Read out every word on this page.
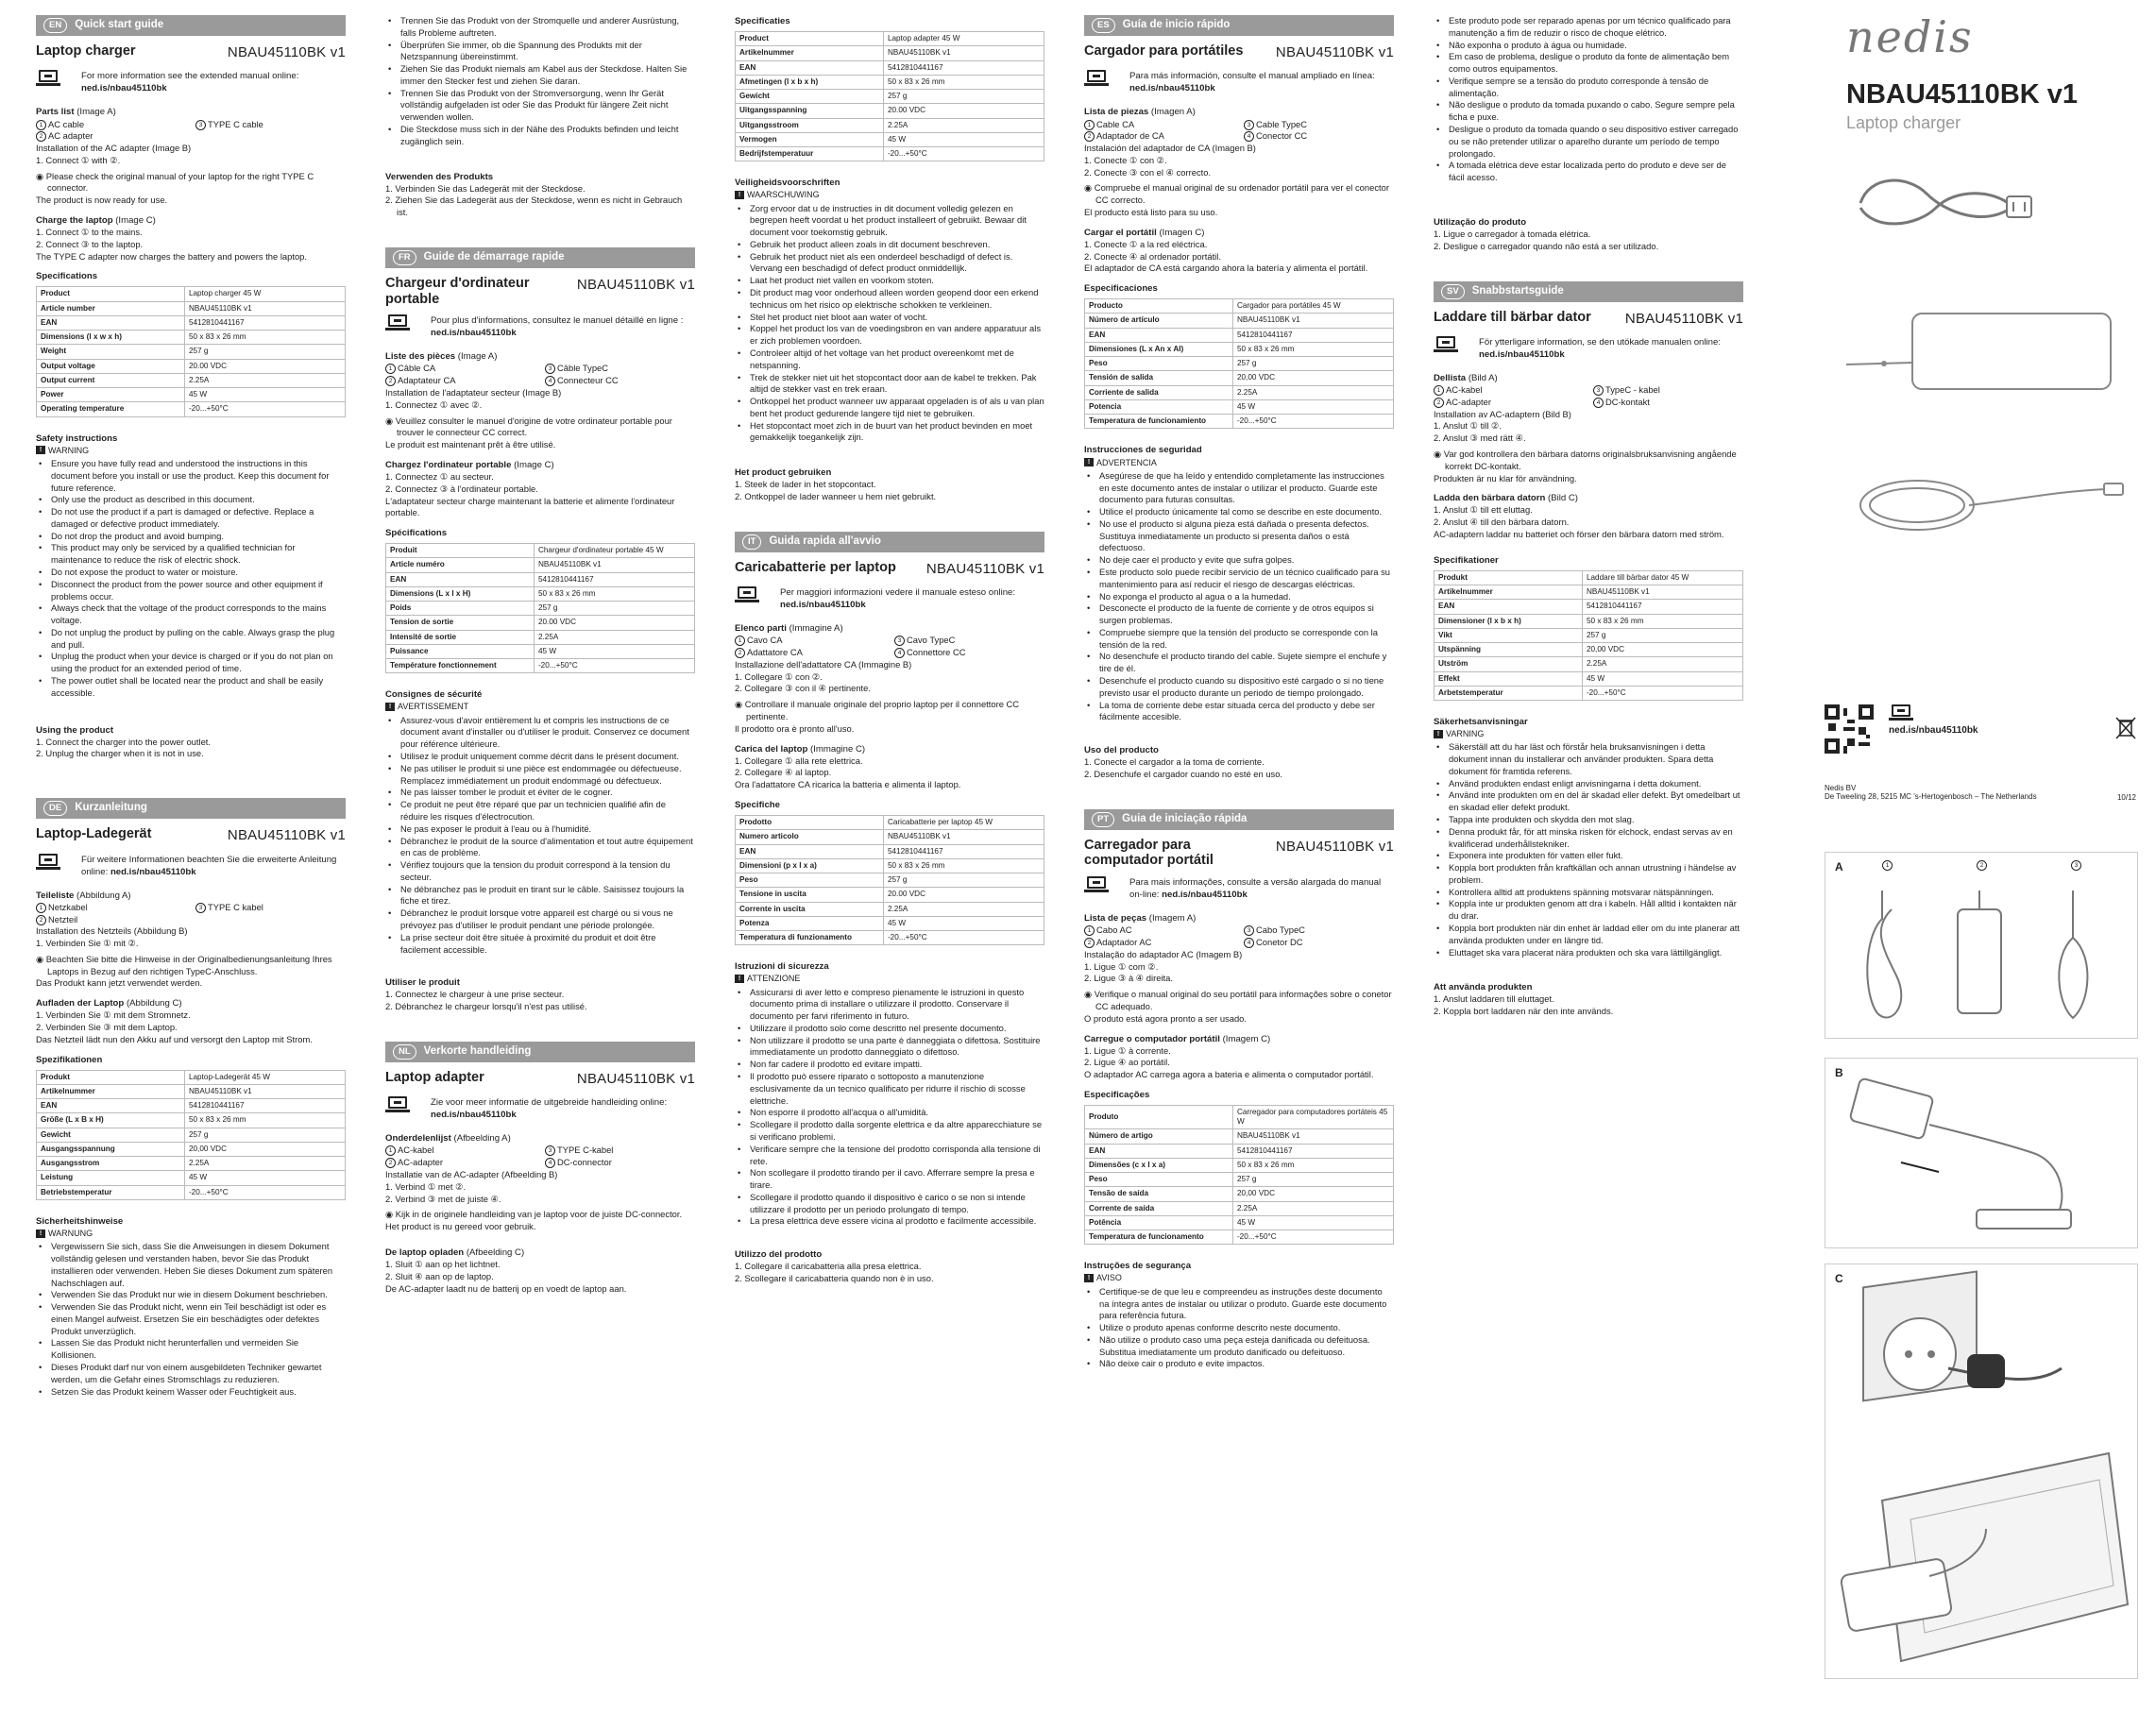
EN	Quick start guide
Laptop charger	NBAU45110BK v1
For more information see the extended manual online: ned.is/nbau45110bk
Parts list (Image A)
1 AC cable	3 TYPE C cable
2 AC adapter
Installation of the AC adapter (Image B)
1. Connect ① with ②.
◉ Please check the original manual of your laptop for the right TYPE C connector.
The product is now ready for use.
Charge the laptop (Image C)
1. Connect ① to the mains.
2. Connect ③ to the laptop.
The TYPE C adapter now charges the battery and powers the laptop.
Specifications
Product	Laptop charger 45 W
Article number	NBAU45110BK v1
EAN	5412810441167
Dimensions (l x w x h)	50 x 83 x 26 mm
Weight	257 g
Output voltage	20.00 VDC
Output current	2.25A
Power	45 W
Operating temperature	-20...+50°C
Safety instructions
! WARNING
• Ensure you have fully read and understood the instructions in this document before you install or use the product. Keep this document for future reference.
• Only use the product as described in this document.
• Do not use the product if a part is damaged or defective. Replace a damaged or defective product immediately.
• Do not drop the product and avoid bumping.
• This product may only be serviced by a qualified technician for maintenance to reduce the risk of electric shock.
• Do not expose the product to water or moisture.
• Disconnect the product from the power source and other equipment if problems occur.
• Always check that the voltage of the product corresponds to the mains voltage.
• Do not unplug the product by pulling on the cable. Always grasp the plug and pull.
• Unplug the product when your device is charged or if you do not plan on using the product for an extended period of time.
• The power outlet shall be located near the product and shall be easily accessible.
Using the product
1. Connect the charger into the power outlet.
2. Unplug the charger when it is not in use.
DE	Kurzanleitung
Laptop-Ladegerät	NBAU45110BK v1
Für weitere Informationen beachten Sie die erweiterte Anleitung online: ned.is/nbau45110bk
Teileliste (Abbildung A)
1 Netzkabel	3 TYPE C kabel
2 Netzteil
Installation des Netzteils (Abbildung B)
1. Verbinden Sie ① mit ②.
◉ Beachten Sie bitte die Hinweise in der Originalbedienungsanleitung Ihres Laptops in Bezug auf den richtigen TypeC-Anschluss.
Das Produkt kann jetzt verwendet werden.
Aufladen der Laptop (Abbildung C)
1. Verbinden Sie ① mit dem Stromnetz.
2. Verbinden Sie ③ mit dem Laptop.
Das Netzteil lädt nun den Akku auf und versorgt den Laptop mit Strom.
Spezifikationen
Produkt	Laptop-Ladegerät 45 W
Artikelnummer	NBAU45110BK v1
EAN	5412810441167
Größe (L x B x H)	50 x 83 x 26 mm
Gewicht	257 g
Ausgangsspannung	20,00 VDC
Ausgangsstrom	2.25A
Leistung	45 W
Betriebstemperatur	-20...+50°C
Sicherheitshinweise
! WARNUNG
• Vergewissern Sie sich, dass Sie die Anweisungen in diesem Dokument vollständig gelesen und verstanden haben, bevor Sie das Produkt installieren oder verwenden. Heben Sie dieses Dokument zum späteren Nachschlagen auf.
• Verwenden Sie das Produkt nur wie in diesem Dokument beschrieben.
• Verwenden Sie das Produkt nicht, wenn ein Teil beschädigt ist oder es einen Mangel aufweist. Ersetzen Sie ein beschädigtes oder defektes Produkt unverzüglich.
• Lassen Sie das Produkt nicht herunterfallen und vermeiden Sie Kollisionen.
• Dieses Produkt darf nur von einem ausgebildeten Techniker gewartet werden, um die Gefahr eines Stromschlags zu reduzieren.
• Setzen Sie das Produkt keinem Wasser oder Feuchtigkeit aus.
• Trennen Sie das Produkt von der Stromquelle und anderer Ausrüstung, falls Probleme auftreten.
• Überprüfen Sie immer, ob die Spannung des Produkts mit der Netzspannung übereinstimmt.
• Ziehen Sie das Produkt niemals am Kabel aus der Steckdose. Halten Sie immer den Stecker fest und ziehen Sie daran.
• Trennen Sie das Produkt von der Stromversorgung, wenn Ihr Gerät vollständig aufgeladen ist oder Sie das Produkt für längere Zeit nicht verwenden wollen.
• Die Steckdose muss sich in der Nähe des Produkts befinden und leicht zugänglich sein.
Verwenden des Produkts
1. Verbinden Sie das Ladegerät mit der Steckdose.
2. Ziehen Sie das Ladegerät aus der Steckdose, wenn es nicht in Gebrauch ist.
FR	Guide de démarrage rapide
Chargeur d'ordinateur portable
NBAU45110BK v1
Pour plus d'informations, consultez le manuel détaillé en ligne : ned.is/nbau45110bk
Liste des pièces (Image A)
1 Câble CA	3 Câble TypeC
2 Adaptateur CA	4 Connecteur CC
Installation de l'adaptateur secteur (Image B)
1. Connectez ① avec ②.
◉ Veuillez consulter le manuel d'origine de votre ordinateur portable pour trouver le connecteur CC correct.
Le produit est maintenant prêt à être utilisé.
Chargez l'ordinateur portable (Image C)
1. Connectez ① au secteur.
2. Connectez ③ à l'ordinateur portable.
L'adaptateur secteur charge maintenant la batterie et alimente l'ordinateur portable.
Spécifications
Produit	Chargeur d'ordinateur portable 45 W
Article numéro	NBAU45110BK v1
EAN	5412810441167
Dimensions (L x l x H)	50 x 83 x 26 mm
Poids	257 g
Tension de sortie	20.00 VDC
Intensité de sortie	2.25A
Puissance	45 W
Température fonctionnement	-20...+50°C
Consignes de sécurité
! AVERTISSEMENT
• Assurez-vous d'avoir entièrement lu et compris les instructions de ce document avant d'installer ou d'utiliser le produit. Conservez ce document pour référence ultérieure.
• Utilisez le produit uniquement comme décrit dans le présent document.
• Ne pas utiliser le produit si une pièce est endommagée ou défectueuse. Remplacez immédiatement un produit endommagé ou défectueux.
• Ne pas laisser tomber le produit et éviter de le cogner.
• Ce produit ne peut être réparé que par un technicien qualifié afin de réduire les risques d'électrocution.
• Ne pas exposer le produit à l'eau ou à l'humidité.
• Débranchez le produit de la source d'alimentation et tout autre équipement en cas de problème.
• Vérifiez toujours que la tension du produit correspond à la tension du secteur.
• Ne débranchez pas le produit en tirant sur le câble. Saisissez toujours la fiche et tirez.
• Débranchez le produit lorsque votre appareil est chargé ou si vous ne prévoyez pas d'utiliser le produit pendant une période prolongée.
• La prise secteur doit être située à proximité du produit et doit être facilement accessible.
Utiliser le produit
1. Connectez le chargeur à une prise secteur.
2. Débranchez le chargeur lorsqu'il n'est pas utilisé.
NL	Verkorte handleiding
Laptop adapter	NBAU45110BK v1
Zie voor meer informatie de uitgebreide handleiding online: ned.is/nbau45110bk
Onderdelenlijst (Afbeelding A)
1 AC-kabel	3 TYPE C-kabel
2 AC-adapter	4 DC-connector
Installatie van de AC-adapter (Afbeelding B)
1. Verbind ① met ②.
2. Verbind ③ met de juiste ④.
◉ Kijk in de originele handleiding van je laptop voor de juiste DC-connector.
Het product is nu gereed voor gebruik.
De laptop opladen (Afbeelding C)
1. Sluit ① aan op het lichtnet.
2. Sluit ④ aan op de laptop.
De AC-adapter laadt nu de batterij op en voedt de laptop aan.
Specificaties
Product	Laptop adapter 45 W
Artikelnummer	NBAU45110BK v1
EAN	5412810441167
Afmetingen (l x b x h)	50 x 83 x 26 mm
Gewicht	257 g
Uitgangsspanning	20.00 VDC
Uitgangsstroom	2.25A
Vermogen	45 W
Bedrijfstemperatuur	-20...+50°C
Veiligheidsvoorschriften
! WAARSCHUWING
• Zorg ervoor dat u de instructies in dit document volledig gelezen en begrepen heeft voordat u het product installeert of gebruikt. Bewaar dit document voor toekomstig gebruik.
• Gebruik het product alleen zoals in dit document beschreven.
• Gebruik het product niet als een onderdeel beschadigd of defect is. Vervang een beschadigd of defect product onmiddellijk.
• Laat het product niet vallen en voorkom stoten.
• Dit product mag voor onderhoud alleen worden geopend door een erkend technicus om het risico op elektrische schokken te verkleinen.
• Stel het product niet bloot aan water of vocht.
• Koppel het product los van de voedingsbron en van andere apparatuur als er zich problemen voordoen.
• Controleer altijd of het voltage van het product overeenkomt met de netspanning.
• Trek de stekker niet uit het stopcontact door aan de kabel te trekken. Pak altijd de stekker vast en trek eraan.
• Ontkoppel het product wanneer uw apparaat opgeladen is of als u van plan bent het product gedurende langere tijd niet te gebruiken.
• Het stopcontact moet zich in de buurt van het product bevinden en moet gemakkelijk toegankelijk zijn.
Het product gebruiken
1. Steek de lader in het stopcontact.
2. Ontkoppel de lader wanneer u hem niet gebruikt.
IT	Guida rapida all'avvio
Caricabatterie per laptop NBAU45110BK v1
Per maggiori informazioni vedere il manuale esteso online: ned.is/nbau45110bk
Elenco parti (Immagine A)
1 Cavo CA	3 Cavo TypeC
2 Adattatore CA	4 Connettore CC
Installazione dell'adattatore CA (Immagine B)
1. Collegare ① con ②.
2. Collegare ③ con il ④ pertinente.
◉ Controllare il manuale originale del proprio laptop per il connettore CC pertinente.
Il prodotto ora è pronto all'uso.
Carica del laptop (Immagine C)
1. Collegare ① alla rete elettrica.
2. Collegare ④ al laptop.
Ora l'adattatore CA ricarica la batteria e alimenta il laptop.
Specifiche
Prodotto	Caricabatterie per laptop 45 W
Numero articolo	NBAU45110BK v1
EAN	5412810441167
Dimensioni (p x l x a)	50 x 83 x 26 mm
Peso	257 g
Tensione in uscita	20.00 VDC
Corrente in uscita	2.25A
Potenza	45 W
Temperatura di funzionamento	-20...+50°C
Istruzioni di sicurezza
! ATTENZIONE
• Assicurarsi di aver letto e compreso pienamente le istruzioni in questo documento prima di installare o utilizzare il prodotto. Conservare il documento per farvi riferimento in futuro.
• Utilizzare il prodotto solo come descritto nel presente documento.
• Non utilizzare il prodotto se una parte è danneggiata o difettosa. Sostituire immediatamente un prodotto danneggiato o difettoso.
• Non far cadere il prodotto ed evitare impatti.
• Il prodotto può essere riparato o sottoposto a manutenzione esclusivamente da un tecnico qualificato per ridurre il rischio di scosse elettriche.
• Non esporre il prodotto all'acqua o all'umidità.
• Scollegare il prodotto dalla sorgente elettrica e da altre apparecchiature se si verificano problemi.
• Verificare sempre che la tensione del prodotto corrisponda alla tensione di rete.
• Non scollegare il prodotto tirando per il cavo. Afferrare sempre la presa e tirare.
• Scollegare il prodotto quando il dispositivo è carico o se non si intende utilizzare il prodotto per un periodo prolungato di tempo.
• La presa elettrica deve essere vicina al prodotto e facilmente accessibile.
Utilizzo del prodotto
1. Collegare il caricabatteria alla presa elettrica.
2. Scollegare il caricabatteria quando non è in uso.
ES	Guía de inicio rápido
Cargador para portátiles NBAU45110BK v1
Para más información, consulte el manual ampliado en línea: ned.is/nbau45110bk
Lista de piezas (Imagen A)
1 Cable CA	3 Cable TypeC
2 Adaptador de CA	4 Conector CC
Instalación del adaptador de CA (Imagen B)
1. Conecte ① con ②.
2. Conecte ③ con el ④ correcto.
◉ Compruebe el manual original de su ordenador portátil para ver el conector CC correcto.
El producto está listo para su uso.
Cargar el portátil (Imagen C)
1. Conecte ① a la red eléctrica.
2. Conecte ④ al ordenador portátil.
El adaptador de CA está cargando ahora la batería y alimenta el portátil.
Especificaciones
Producto	Cargador para portátiles 45 W
Número de artículo	NBAU45110BK v1
EAN	5412810441167
Dimensiones (L x An x Al)	50 x 83 x 26 mm
Peso	257 g
Tensión de salida	20,00 VDC
Corriente de salida	2.25A
Potencia	45 W
Temperatura de funcionamiento	-20...+50°C
Instrucciones de seguridad
! ADVERTENCIA
• Asegúrese de que ha leído y entendido completamente las instrucciones en este documento antes de instalar o utilizar el producto. Guarde este documento para futuras consultas.
• Utilice el producto únicamente tal como se describe en este documento.
• No use el producto si alguna pieza está dañada o presenta defectos. Sustituya inmediatamente un producto si presenta daños o está defectuoso.
• No deje caer el producto y evite que sufra golpes.
• Este producto solo puede recibir servicio de un técnico cualificado para su mantenimiento para así reducir el riesgo de descargas eléctricas.
• No exponga el producto al agua o a la humedad.
• Desconecte el producto de la fuente de corriente y de otros equipos si surgen problemas.
• Compruebe siempre que la tensión del producto se corresponde con la tensión de la red.
• No desenchufe el producto tirando del cable. Sujete siempre el enchufe y tire de él.
• Desenchufe el producto cuando su dispositivo esté cargado o si no tiene previsto usar el producto durante un periodo de tiempo prolongado.
• La toma de corriente debe estar situada cerca del producto y debe ser fácilmente accesible.
Uso del producto
1. Conecte el cargador a la toma de corriente.
2. Desenchufe el cargador cuando no esté en uso.
PT	Guia de iniciação rápida
Carregador para computador portátil
NBAU45110BK v1
Para mais informações, consulte a versão alargada do manual on-line: ned.is/nbau45110bk
Lista de peças (Imagem A)
1 Cabo AC	3 Cabo TypeC
2 Adaptador AC	4 Conetor DC
Instalação do adaptador AC (Imagem B)
1. Ligue ① com ②.
2. Ligue ③ à ④ direita.
◉ Verifique o manual original do seu portátil para informações sobre o conetor CC adequado.
O produto está agora pronto a ser usado.
Carregue o computador portátil (Imagem C)
1. Ligue ① à corrente.
2. Ligue ④ ao portátil.
O adaptador AC carrega agora a bateria e alimenta o computador portátil.
Especificações
Produto	Carregador para computadores portáteis 45 W
Número de artigo	NBAU45110BK v1
EAN	5412810441167
Dimensões (c x l x a)	50 x 83 x 26 mm
Peso	257 g
Tensão de saída	20,00 VDC
Corrente de saída	2.25A
Potência	45 W
Temperatura de funcionamento	-20...+50°C
Instruções de segurança
! AVISO
• Certifique-se de que leu e compreendeu as instruções deste documento na íntegra antes de instalar ou utilizar o produto. Guarde este documento para referência futura.
• Utilize o produto apenas conforme descrito neste documento.
• Não utilize o produto caso uma peça esteja danificada ou defeituosa. Substitua imediatamente um produto danificado ou defeituoso.
• Não deixe cair o produto e evite impactos.
• Este produto pode ser reparado apenas por um técnico qualificado para manutenção a fim de reduzir o risco de choque elétrico.
• Não exponha o produto à água ou humidade.
• Em caso de problema, desligue o produto da fonte de alimentação bem como outros equipamentos.
• Verifique sempre se a tensão do produto corresponde à tensão de alimentação.
• Não desligue o produto da tomada puxando o cabo. Segure sempre pela ficha e puxe.
• Desligue o produto da tomada quando o seu dispositivo estiver carregado ou se não pretender utilizar o aparelho durante um período de tempo prolongado.
• A tomada elétrica deve estar localizada perto do produto e deve ser de fácil acesso.
Utilização do produto
1. Ligue o carregador à tomada elétrica.
2. Desligue o carregador quando não está a ser utilizado.
SV	Snabbstartsguide
Laddare till bärbar dator NBAU45110BK v1
För ytterligare information, se den utökade manualen online: ned.is/nbau45110bk
Dellista (Bild A)
1 AC-kabel	3 TypeC - kabel
2 AC-adapter	4 DC-kontakt
Installation av AC-adaptern (Bild B)
1. Anslut ① till ②.
2. Anslut ③ med rätt ④.
◉ Var god kontrollera den bärbara datorns originalsbruksanvisning angående korrekt DC-kontakt.
Produkten är nu klar för användning.
Ladda den bärbara datorn (Bild C)
1. Anslut ① till ett eluttag.
2. Anslut ④ till den bärbara datorn.
AC-adaptern laddar nu batteriet och förser den bärbara datorn med ström.
Specifikationer
Produkt	Laddare till bärbar dator 45 W
Artikelnummer	NBAU45110BK v1
EAN	5412810441167
Dimensioner (l x b x h)	50 x 83 x 26 mm
Vikt	257 g
Utspänning	20,00 VDC
Utström	2.25A
Effekt	45 W
Arbetstemperatur	-20...+50°C
Säkerhetsanvisningar
! VARNING
• Säkerställ att du har läst och förstår hela bruksanvisningen i detta dokument innan du installerar och använder produkten. Spara detta dokument för framtida referens.
• Använd produkten endast enligt anvisningarna i detta dokument.
• Använd inte produkten om en del är skadad eller defekt. Byt omedelbart ut en skadad eller defekt produkt.
• Tappa inte produkten och skydda den mot slag.
• Denna produkt får, för att minska risken för elchock, endast servas av en kvalificerad underhållstekniker.
• Exponera inte produkten för vatten eller fukt.
• Koppla bort produkten från kraftkällan och annan utrustning i händelse av problem.
• Kontrollera alltid att produktens spänning motsvarar nätspänningen.
• Koppla inte ur produkten genom att dra i kabeln. Håll alltid i kontakten när du drar.
• Koppla bort produkten när din enhet är laddad eller om du inte planerar att använda produkten under en längre tid.
• Eluttaget ska vara placerat nära produkten och ska vara lättillgängligt.
Att använda produkten
1. Anslut laddaren till eluttaget.
2. Koppla bort laddaren när den inte används.
nedis
NBAU45110BK v1
Laptop charger
ned.is/nbau45110bk
Nedis BV
De Tweeling 28, 5215 MC ’s-Hertogenbosch – The Netherlands	10/12
A	1	2	3
B
C
